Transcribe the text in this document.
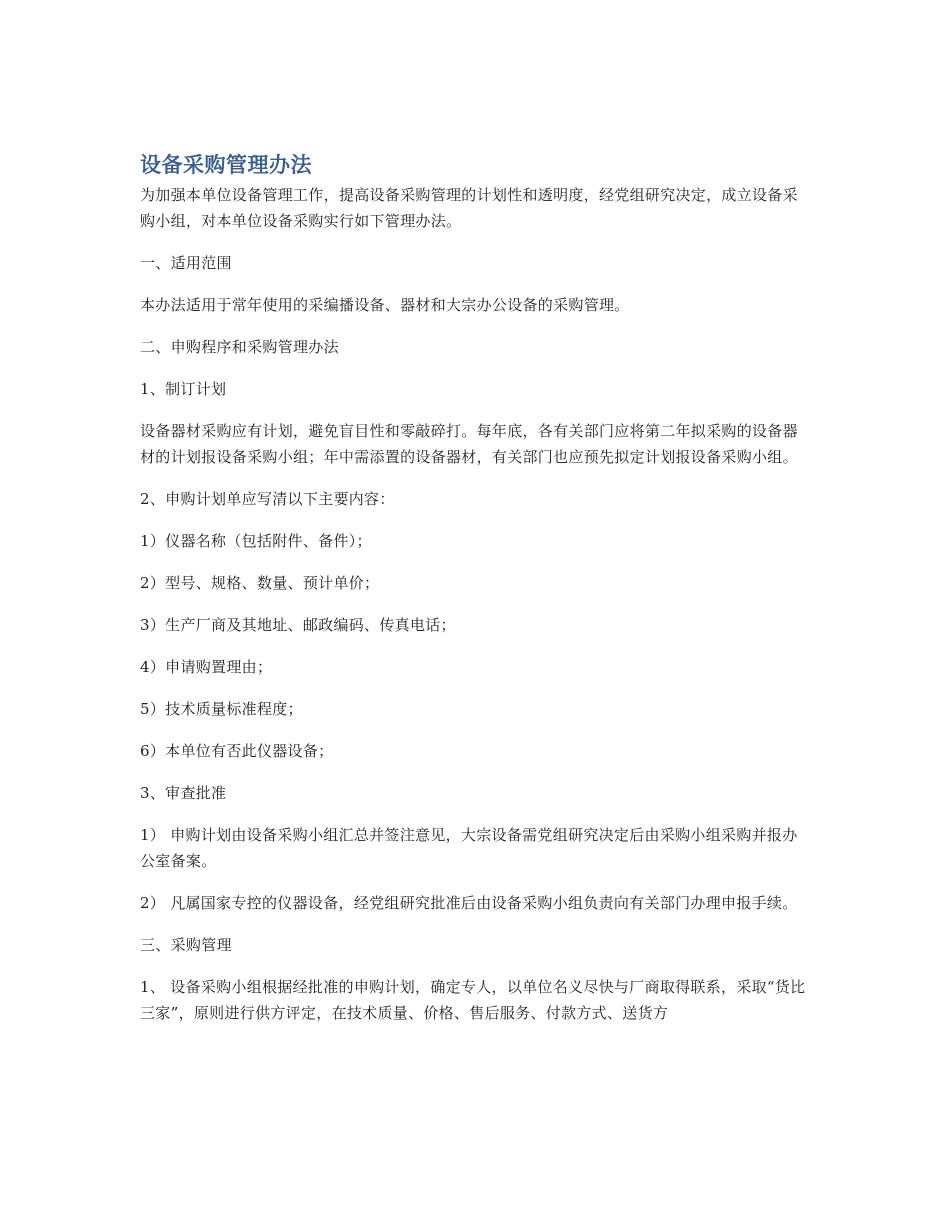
设备采购管理办法

为加强本单位设备管理工作，提高设备采购管理的计划性和透明度，经党组研究决定，成立设备采购小组，对本单位设备采购实行如下管理办法。

一、适用范围

本办法适用于常年使用的采编播设备、器材和大宗办公设备的采购管理。

二、申购程序和采购管理办法

1、制订计划

设备器材采购应有计划，避免盲目性和零敲碎打。每年底，各有关部门应将第二年拟采购的设备器材的计划报设备采购小组；年中需添置的设备器材，有关部门也应预先拟定计划报设备采购小组。

2、申购计划单应写清以下主要内容：

1）仪器名称（包括附件、备件）；

2）型号、规格、数量、预计单价；

3）生产厂商及其地址、邮政编码、传真电话；

4）申请购置理由；

5）技术质量标准程度；

6）本单位有否此仪器设备；

3、审查批准

1） 申购计划由设备采购小组汇总并签注意见，大宗设备需党组研究决定后由采购小组采购并报办公室备案。

2） 凡属国家专控的仪器设备，经党组研究批准后由设备采购小组负责向有关部门办理申报手续。

三、采购管理

1、 设备采购小组根据经批准的申购计划，确定专人，以单位名义尽快与厂商取得联系，采取“货比三家”，原则进行供方评定，在技术质量、价格、售后服务、付款方式、送货方
